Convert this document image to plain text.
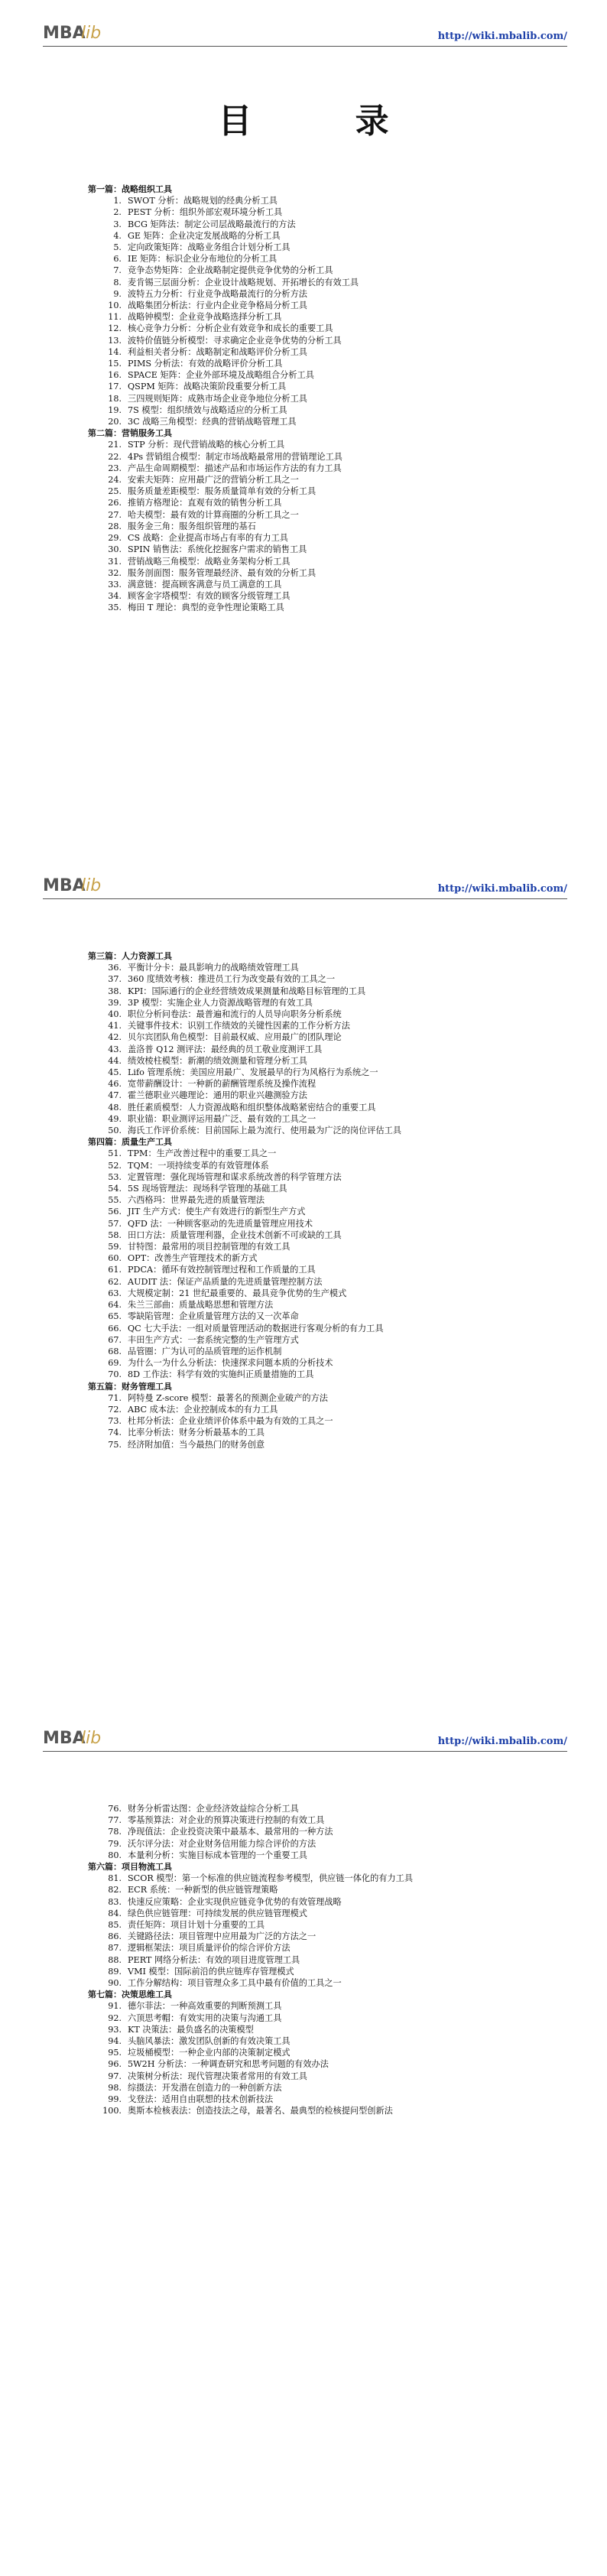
MBA
lib	http://wiki.mbalib.com/
目 录
第一篇：战略组织工具
1. SWOT 分析：战略规划的经典分析工具
2. PEST 分析：组织外部宏观环境分析工具
3. BCG 矩阵法：制定公司层战略最流行的方法
4. GE 矩阵：企业决定发展战略的分析工具
5. 定向政策矩阵：战略业务组合计划分析工具
6. IE 矩阵：标识企业分布地位的分析工具
7. 竞争态势矩阵：企业战略制定提供竞争优势的分析工具
8. 麦肯锡三层面分析：企业设计战略规划、开拓增长的有效工具
9. 波特五力分析：行业竞争战略最流行的分析方法
10. 战略集团分析法：行业内企业竞争格局分析工具
11. 战略钟模型：企业竞争战略选择分析工具
12. 核心竞争力分析：分析企业有效竞争和成长的重要工具
13. 波特价值链分析模型：寻求确定企业竞争优势的分析工具
14. 利益相关者分析：战略制定和战略评价分析工具
15. PIMS 分析法：有效的战略评价分析工具
16. SPACE 矩阵：企业外部环境及战略组合分析工具
17. QSPM 矩阵：战略决策阶段重要分析工具
18. 三四规则矩阵：成熟市场企业竞争地位分析工具
19. 7S 模型：组织绩效与战略适应的分析工具
20. 3C 战略三角模型：经典的营销战略管理工具
第二篇：营销服务工具
21. STP 分析：现代营销战略的核心分析工具
22. 4Ps 营销组合模型：制定市场战略最常用的营销理论工具
23. 产品生命周期模型：描述产品和市场运作方法的有力工具
24. 安索夫矩阵：应用最广泛的营销分析工具之一
25. 服务质量差距模型：服务质量简单有效的分析工具
26. 推销方格理论：直观有效的销售分析工具
27. 哈夫模型：最有效的计算商圈的分析工具之一
28. 服务金三角：服务组织管理的基石
29. CS 战略：企业提高市场占有率的有力工具
30. SPIN 销售法：系统化挖掘客户需求的销售工具
31. 营销战略三角模型：战略业务架构分析工具
32. 服务剖面图：服务管理最经济、最有效的分析工具
33. 满意链：提高顾客满意与员工满意的工具
34. 顾客金字塔模型：有效的顾客分级管理工具
35. 梅田 T 理论：典型的竞争性理论策略工具
MBA
lib	http://wiki.mbalib.com/
第三篇：人力资源工具
36. 平衡计分卡：最具影响力的战略绩效管理工具
37. 360 度绩效考核：推进员工行为改变最有效的工具之一
38. KPI：国际通行的企业经营绩效成果测量和战略目标管理的工具
39. 3P 模型：实施企业人力资源战略管理的有效工具
40. 职位分析问卷法：最普遍和流行的人员导向职务分析系统
41. 关键事件技术：识别工作绩效的关键性因素的工作分析方法
42. 贝尔宾团队角色模型：目前最权威、应用最广的团队理论
43. 盖洛普 Q12 测评法：最经典的员工敬业度测评工具
44. 绩效棱柱模型：新潮的绩效测量和管理分析工具
45. Lifo 管理系统：美国应用最广、发展最早的行为风格行为系统之一
46. 宽带薪酬设计：一种新的薪酬管理系统及操作流程
47. 霍兰德职业兴趣理论：通用的职业兴趣测验方法
48. 胜任素质模型：人力资源战略和组织整体战略紧密结合的重要工具
49. 职业锚：职业测评运用最广泛、最有效的工具之一
50. 海氏工作评价系统：目前国际上最为流行、使用最为广泛的岗位评估工具
第四篇：质量生产工具
51. TPM：生产改善过程中的重要工具之一
52. TQM：一项持续变革的有效管理体系
53. 定置管理：强化现场管理和谋求系统改善的科学管理方法
54. 5S 现场管理法：现场科学管理的基础工具
55. 六西格玛：世界最先进的质量管理法
56. JIT 生产方式：使生产有效进行的新型生产方式
57. QFD 法：一种顾客驱动的先进质量管理应用技术
58. 田口方法：质量管理利器，企业技术创新不可或缺的工具
59. 甘特图：最常用的项目控制管理的有效工具
60. OPT：改善生产管理技术的新方式
61. PDCA：循环有效控制管理过程和工作质量的工具
62. AUDIT 法：保证产品质量的先进质量管理控制方法
63. 大规模定制：21 世纪最重要的、最具竞争优势的生产模式
64. 朱兰三部曲：质量战略思想和管理方法
65. 零缺陷管理：企业质量管理方法的又一次革命
66. QC 七大手法：一组对质量管理活动的数据进行客观分析的有力工具
67. 丰田生产方式：一套系统完整的生产管理方式
68. 品管圈：广为认可的品质管理的运作机制
69. 为什么一为什么分析法：快速探求问题本质的分析技术
70. 8D 工作法：科学有效的实施纠正质量措施的工具
第五篇：财务管理工具
71. 阿特曼 Z-score 模型：最著名的预测企业破产的方法
72. ABC 成本法：企业控制成本的有力工具
73. 杜邦分析法：企业业绩评价体系中最为有效的工具之一
74. 比率分析法：财务分析最基本的工具
75. 经济附加值：当今最热门的财务创意
MBA
lib	http://wiki.mbalib.com/
76. 财务分析雷达图：企业经济效益综合分析工具
77. 零基预算法：对企业的预算决策进行控制的有效工具
78. 净现值法：企业投资决策中最基本、最常用的一种方法
79. 沃尔评分法：对企业财务信用能力综合评价的方法
80. 本量利分析：实施目标成本管理的一个重要工具
第六篇：项目物流工具
81. SCOR 模型：第一个标准的供应链流程参考模型，供应链一体化的有力工具
82. ECR 系统：一种新型的供应链管理策略
83. 快速反应策略：企业实现供应链竞争优势的有效管理战略
84. 绿色供应链管理：可持续发展的供应链管理模式
85. 责任矩阵：项目计划十分重要的工具
86. 关键路径法：项目管理中应用最为广泛的方法之一
87. 逻辑框架法：项目质量评价的综合评价方法
88. PERT 网络分析法：有效的项目进度管理工具
89. VMI 模型：国际前沿的供应链库存管理模式
90. 工作分解结构：项目管理众多工具中最有价值的工具之一
第七篇：决策思维工具
91. 德尔菲法：一种高效重要的判断预测工具
92. 六顶思考帽：有效实用的决策与沟通工具
93. KT 决策法：最负盛名的决策模型
94. 头脑风暴法：激发团队创新的有效决策工具
95. 垃圾桶模型：一种企业内部的决策制定模式
96. 5W2H 分析法：一种调查研究和思考问题的有效办法
97. 决策树分析法：现代管理决策者常用的有效工具
98. 综摄法：开发潜在创造力的一种创新方法
99. 戈登法：适用自由联想的技术创新技法
100. 奥斯本检核表法：创造技法之母，最著名、最典型的检核提问型创新法
